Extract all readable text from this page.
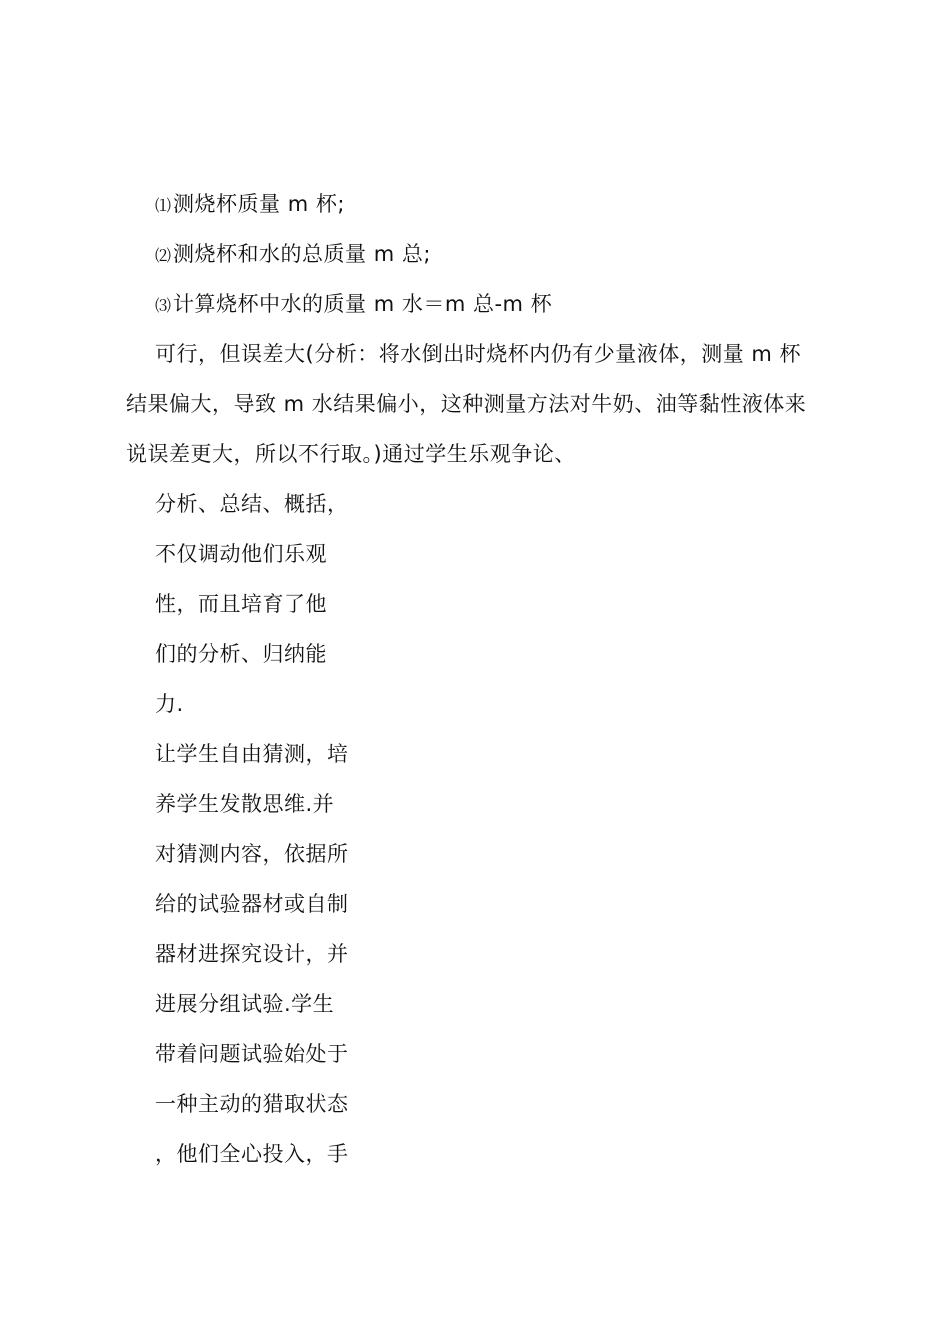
⑴测烧杯质量 m 杯;
⑵测烧杯和水的总质量 m 总;
⑶计算烧杯中水的质量 m 水＝m 总-m 杯
可行，但误差大(分析：将水倒出时烧杯内仍有少量液体，测量 m 杯
结果偏大，导致 m 水结果偏小，这种测量方法对牛奶、油等黏性液体来
说误差更大，所以不行取。)通过学生乐观争论、
分析、总结、概括，
不仅调动他们乐观
性，而且培育了他
们的分析、归纳能
力.
让学生自由猜测，培
养学生发散思维.并
对猜测内容，依据所
给的试验器材或自制
器材进探究设计，并
进展分组试验.学生
带着问题试验始处于
一种主动的猎取状态
，他们全心投入，手
